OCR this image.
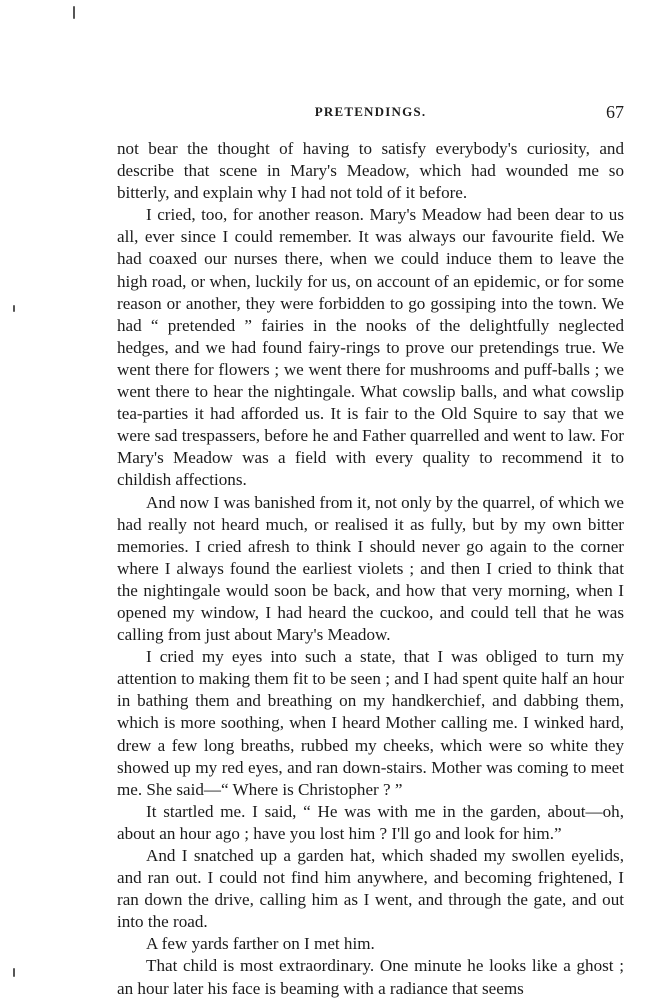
PRETENDINGS.	67

not bear the thought of having to satisfy everybody's curiosity, and describe that scene in Mary's Meadow, which had wounded me so bitterly, and explain why I had not told of it before.

I cried, too, for another reason. Mary's Meadow had been dear to us all, ever since I could remember. It was always our favourite field. We had coaxed our nurses there, when we could induce them to leave the high road, or when, luckily for us, on account of an epidemic, or for some reason or another, they were forbidden to go gossiping into the town. We had “ pretended ” fairies in the nooks of the delightfully neglected hedges, and we had found fairy-rings to prove our pretendings true. We went there for flowers ; we went there for mushrooms and puff-balls ; we went there to hear the nightingale. What cowslip balls, and what cowslip tea-parties it had afforded us. It is fair to the Old Squire to say that we were sad trespassers, before he and Father quarrelled and went to law. For Mary's Meadow was a field with every quality to recommend it to childish affections.

And now I was banished from it, not only by the quarrel, of which we had really not heard much, or realised it as fully, but by my own bitter memories. I cried afresh to think I should never go again to the corner where I always found the earliest violets ; and then I cried to think that the nightingale would soon be back, and how that very morning, when I opened my window, I had heard the cuckoo, and could tell that he was calling from just about Mary's Meadow.

I cried my eyes into such a state, that I was obliged to turn my attention to making them fit to be seen ; and I had spent quite half an hour in bathing them and breathing on my handkerchief, and dabbing them, which is more soothing, when I heard Mother calling me. I winked hard, drew a few long breaths, rubbed my cheeks, which were so white they showed up my red eyes, and ran down-stairs. Mother was coming to meet me. She said—“ Where is Christopher ? ”

It startled me. I said, “ He was with me in the garden, about—oh, about an hour ago ; have you lost him ? I'll go and look for him.”

And I snatched up a garden hat, which shaded my swollen eyelids, and ran out. I could not find him anywhere, and becoming frightened, I ran down the drive, calling him as I went, and through the gate, and out into the road.

A few yards farther on I met him.

That child is most extraordinary. One minute he looks like a ghost ; an hour later his face is beaming with a radiance that seems
